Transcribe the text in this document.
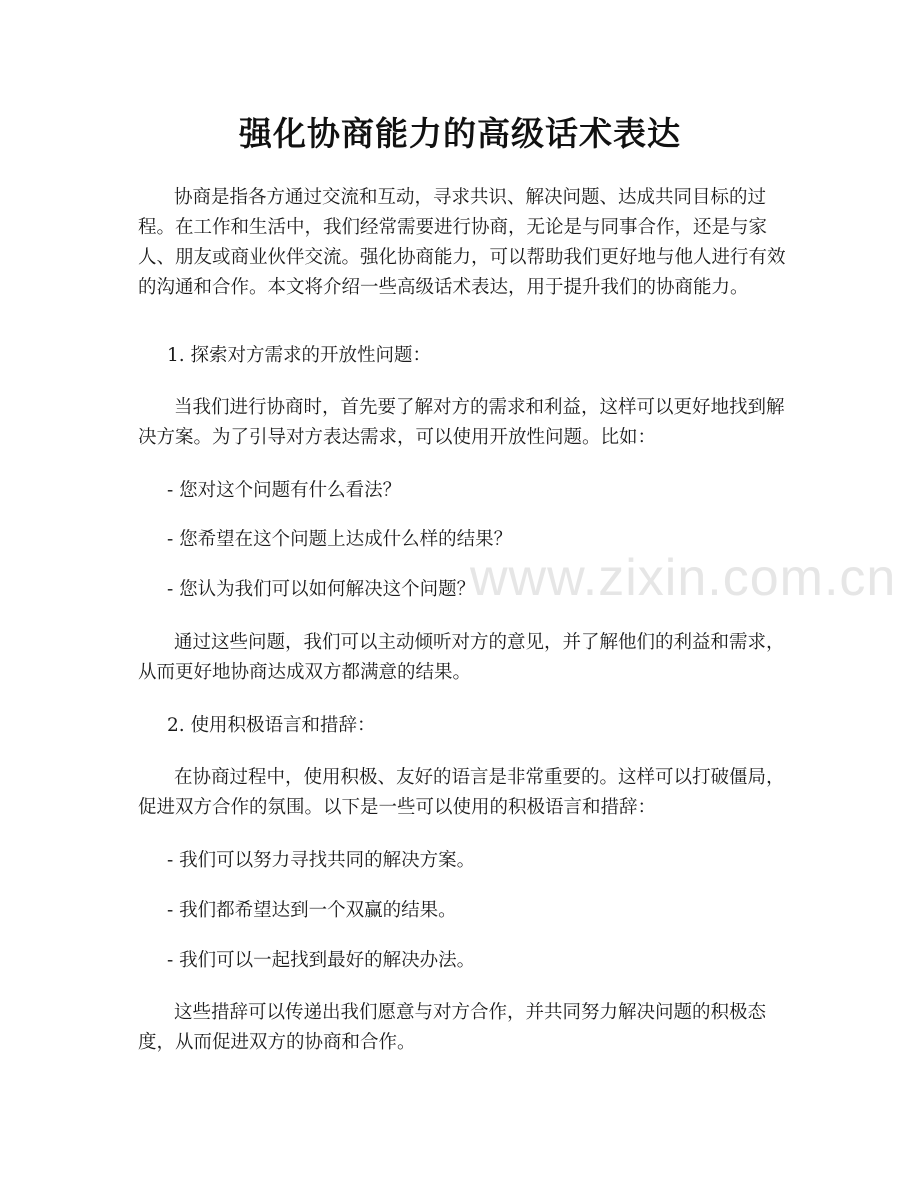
www.zixin.com.cn
强化协商能力的高级话术表达

协商是指各方通过交流和互动，寻求共识、解决问题、达成共同目标的过程。在工作和生活中，我们经常需要进行协商，无论是与同事合作，还是与家人、朋友或商业伙伴交流。强化协商能力，可以帮助我们更好地与他人进行有效的沟通和合作。本文将介绍一些高级话术表达，用于提升我们的协商能力。

1. 探索对方需求的开放性问题：

当我们进行协商时，首先要了解对方的需求和利益，这样可以更好地找到解决方案。为了引导对方表达需求，可以使用开放性问题。比如：

- 您对这个问题有什么看法？

- 您希望在这个问题上达成什么样的结果？

- 您认为我们可以如何解决这个问题？

通过这些问题，我们可以主动倾听对方的意见，并了解他们的利益和需求，从而更好地协商达成双方都满意的结果。

2. 使用积极语言和措辞：

在协商过程中，使用积极、友好的语言是非常重要的。这样可以打破僵局，促进双方合作的氛围。以下是一些可以使用的积极语言和措辞：

- 我们可以努力寻找共同的解决方案。

- 我们都希望达到一个双赢的结果。

- 我们可以一起找到最好的解决办法。

这些措辞可以传递出我们愿意与对方合作，并共同努力解决问题的积极态度，从而促进双方的协商和合作。
